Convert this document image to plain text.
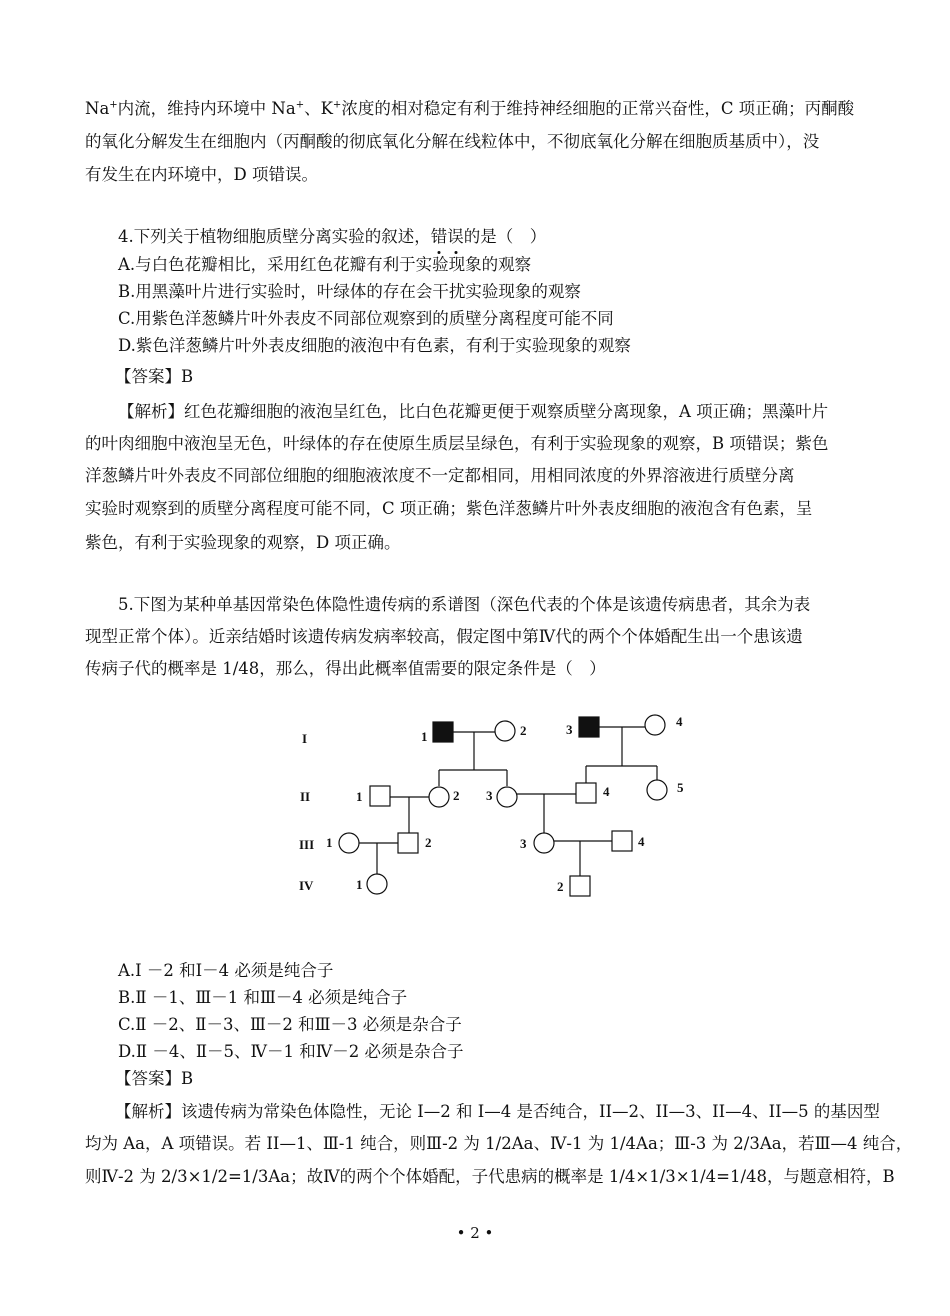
Na+内流，维持内环境中 Na+、K+浓度的相对稳定有利于维持神经细胞的正常兴奋性，C 项正确；丙酮酸
的氧化分解发生在细胞内（丙酮酸的彻底氧化分解在线粒体中，不彻底氧化分解在细胞质基质中），没
有发生在内环境中，D 项错误。
4.下列关于植物细胞质壁分离实验的叙述，错误的是（　）
A.与白色花瓣相比，采用红色花瓣有利于实验现象的观察
B.用黑藻叶片进行实验时，叶绿体的存在会干扰实验现象的观察
C.用紫色洋葱鳞片叶外表皮不同部位观察到的质壁分离程度可能不同
D.紫色洋葱鳞片叶外表皮细胞的液泡中有色素，有利于实验现象的观察
【答案】B
【解析】红色花瓣细胞的液泡呈红色，比白色花瓣更便于观察质壁分离现象，A 项正确；黑藻叶片
的叶肉细胞中液泡呈无色，叶绿体的存在使原生质层呈绿色，有利于实验现象的观察，B 项错误；紫色
洋葱鳞片叶外表皮不同部位细胞的细胞液浓度不一定都相同，用相同浓度的外界溶液进行质壁分离
实验时观察到的质壁分离程度可能不同，C 项正确；紫色洋葱鳞片叶外表皮细胞的液泡含有色素，呈
紫色，有利于实验现象的观察，D 项正确。
5.下图为某种单基因常染色体隐性遗传病的系谱图（深色代表的个体是该遗传病患者，其余为表
现型正常个体）。近亲结婚时该遗传病发病率较高，假定图中第Ⅳ代的两个个体婚配生出一个患该遗
传病子代的概率是 1/48，那么，得出此概率值需要的限定条件是（　）
I
II
III
IV
1	2	3
4
1	2 3	4	5
1	2	3	4
1	2
A.Ⅰ －2 和Ⅰ－4 必须是纯合子
B.Ⅱ －1、Ⅲ－1 和Ⅲ－4 必须是纯合子
C.Ⅱ －2、Ⅱ－3、Ⅲ－2 和Ⅲ－3 必须是杂合子
D.Ⅱ －4、Ⅱ－5、Ⅳ－1 和Ⅳ－2 必须是杂合子
【答案】B
【解析】该遗传病为常染色体隐性，无论 I—2 和 I—4 是否纯合，II—2、II—3、II—4、II—5 的基因型
均为 Aa，A 项错误。若 II—1、Ⅲ-1 纯合，则Ⅲ-2 为 1/2Aa、Ⅳ-1 为 1/4Aa；Ⅲ-3 为 2/3Aa，若Ⅲ—4 纯合，
则Ⅳ-2 为 2/3×1/2=1/3Aa；故Ⅳ的两个个体婚配，子代患病的概率是 1/4×1/3×1/4=1/48，与题意相符，B
• 2 •
